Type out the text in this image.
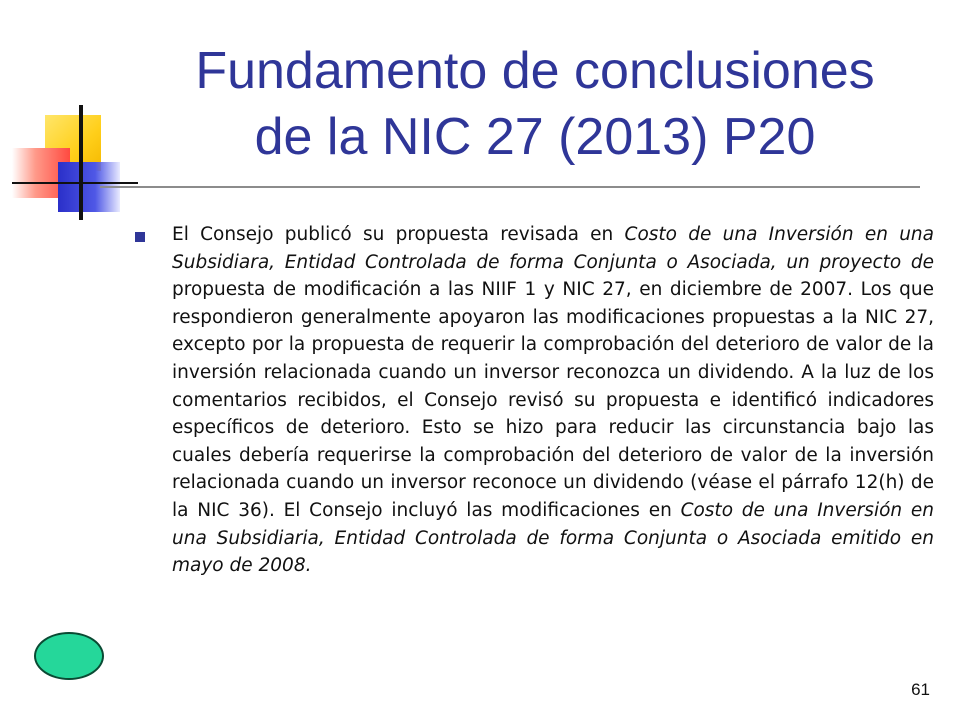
Fundamento de conclusiones
de la NIC 27 (2013) P20

El Consejo publicó su propuesta revisada en Costo de una Inversión en una Subsidiara, Entidad Controlada de forma Conjunta o Asociada, un proyecto de propuesta de modificación a las NIIF 1 y NIC 27, en diciembre de 2007. Los que respondieron generalmente apoyaron las modificaciones propuestas a la NIC 27, excepto por la propuesta de requerir la comprobación del deterioro de valor de la inversión relacionada cuando un inversor reconozca un dividendo. A la luz de los comentarios recibidos, el Consejo revisó su propuesta e identificó indicadores específicos de deterioro. Esto se hizo para reducir las circunstancia bajo las cuales debería requerirse la comprobación del deterioro de valor de la inversión relacionada cuando un inversor reconoce un dividendo (véase el párrafo 12(h) de la NIC 36). El Consejo incluyó las modificaciones en Costo de una Inversión en una Subsidiaria, Entidad Controlada de forma Conjunta o Asociada emitido en mayo de 2008.

61
